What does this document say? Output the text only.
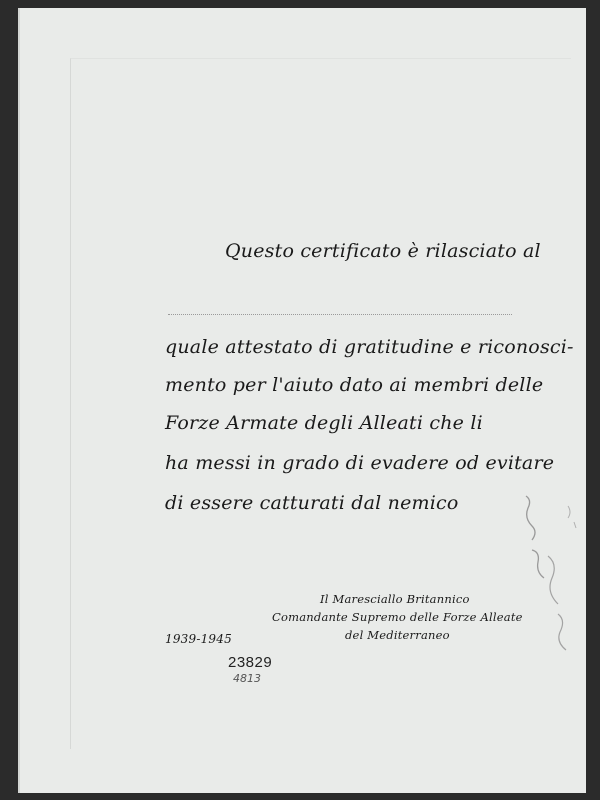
Questo certificato è rilasciato al
quale attestato di gratitudine e riconosci-
mento per l'aiuto dato ai membri delle
Forze Armate degli Alleati che li
ha messi in grado di evadere od evitare
di essere catturati dal nemico
Il Maresciallo Britannico
Comandante Supremo delle Forze Alleate
del Mediterraneo
1939-1945
23829
4813
